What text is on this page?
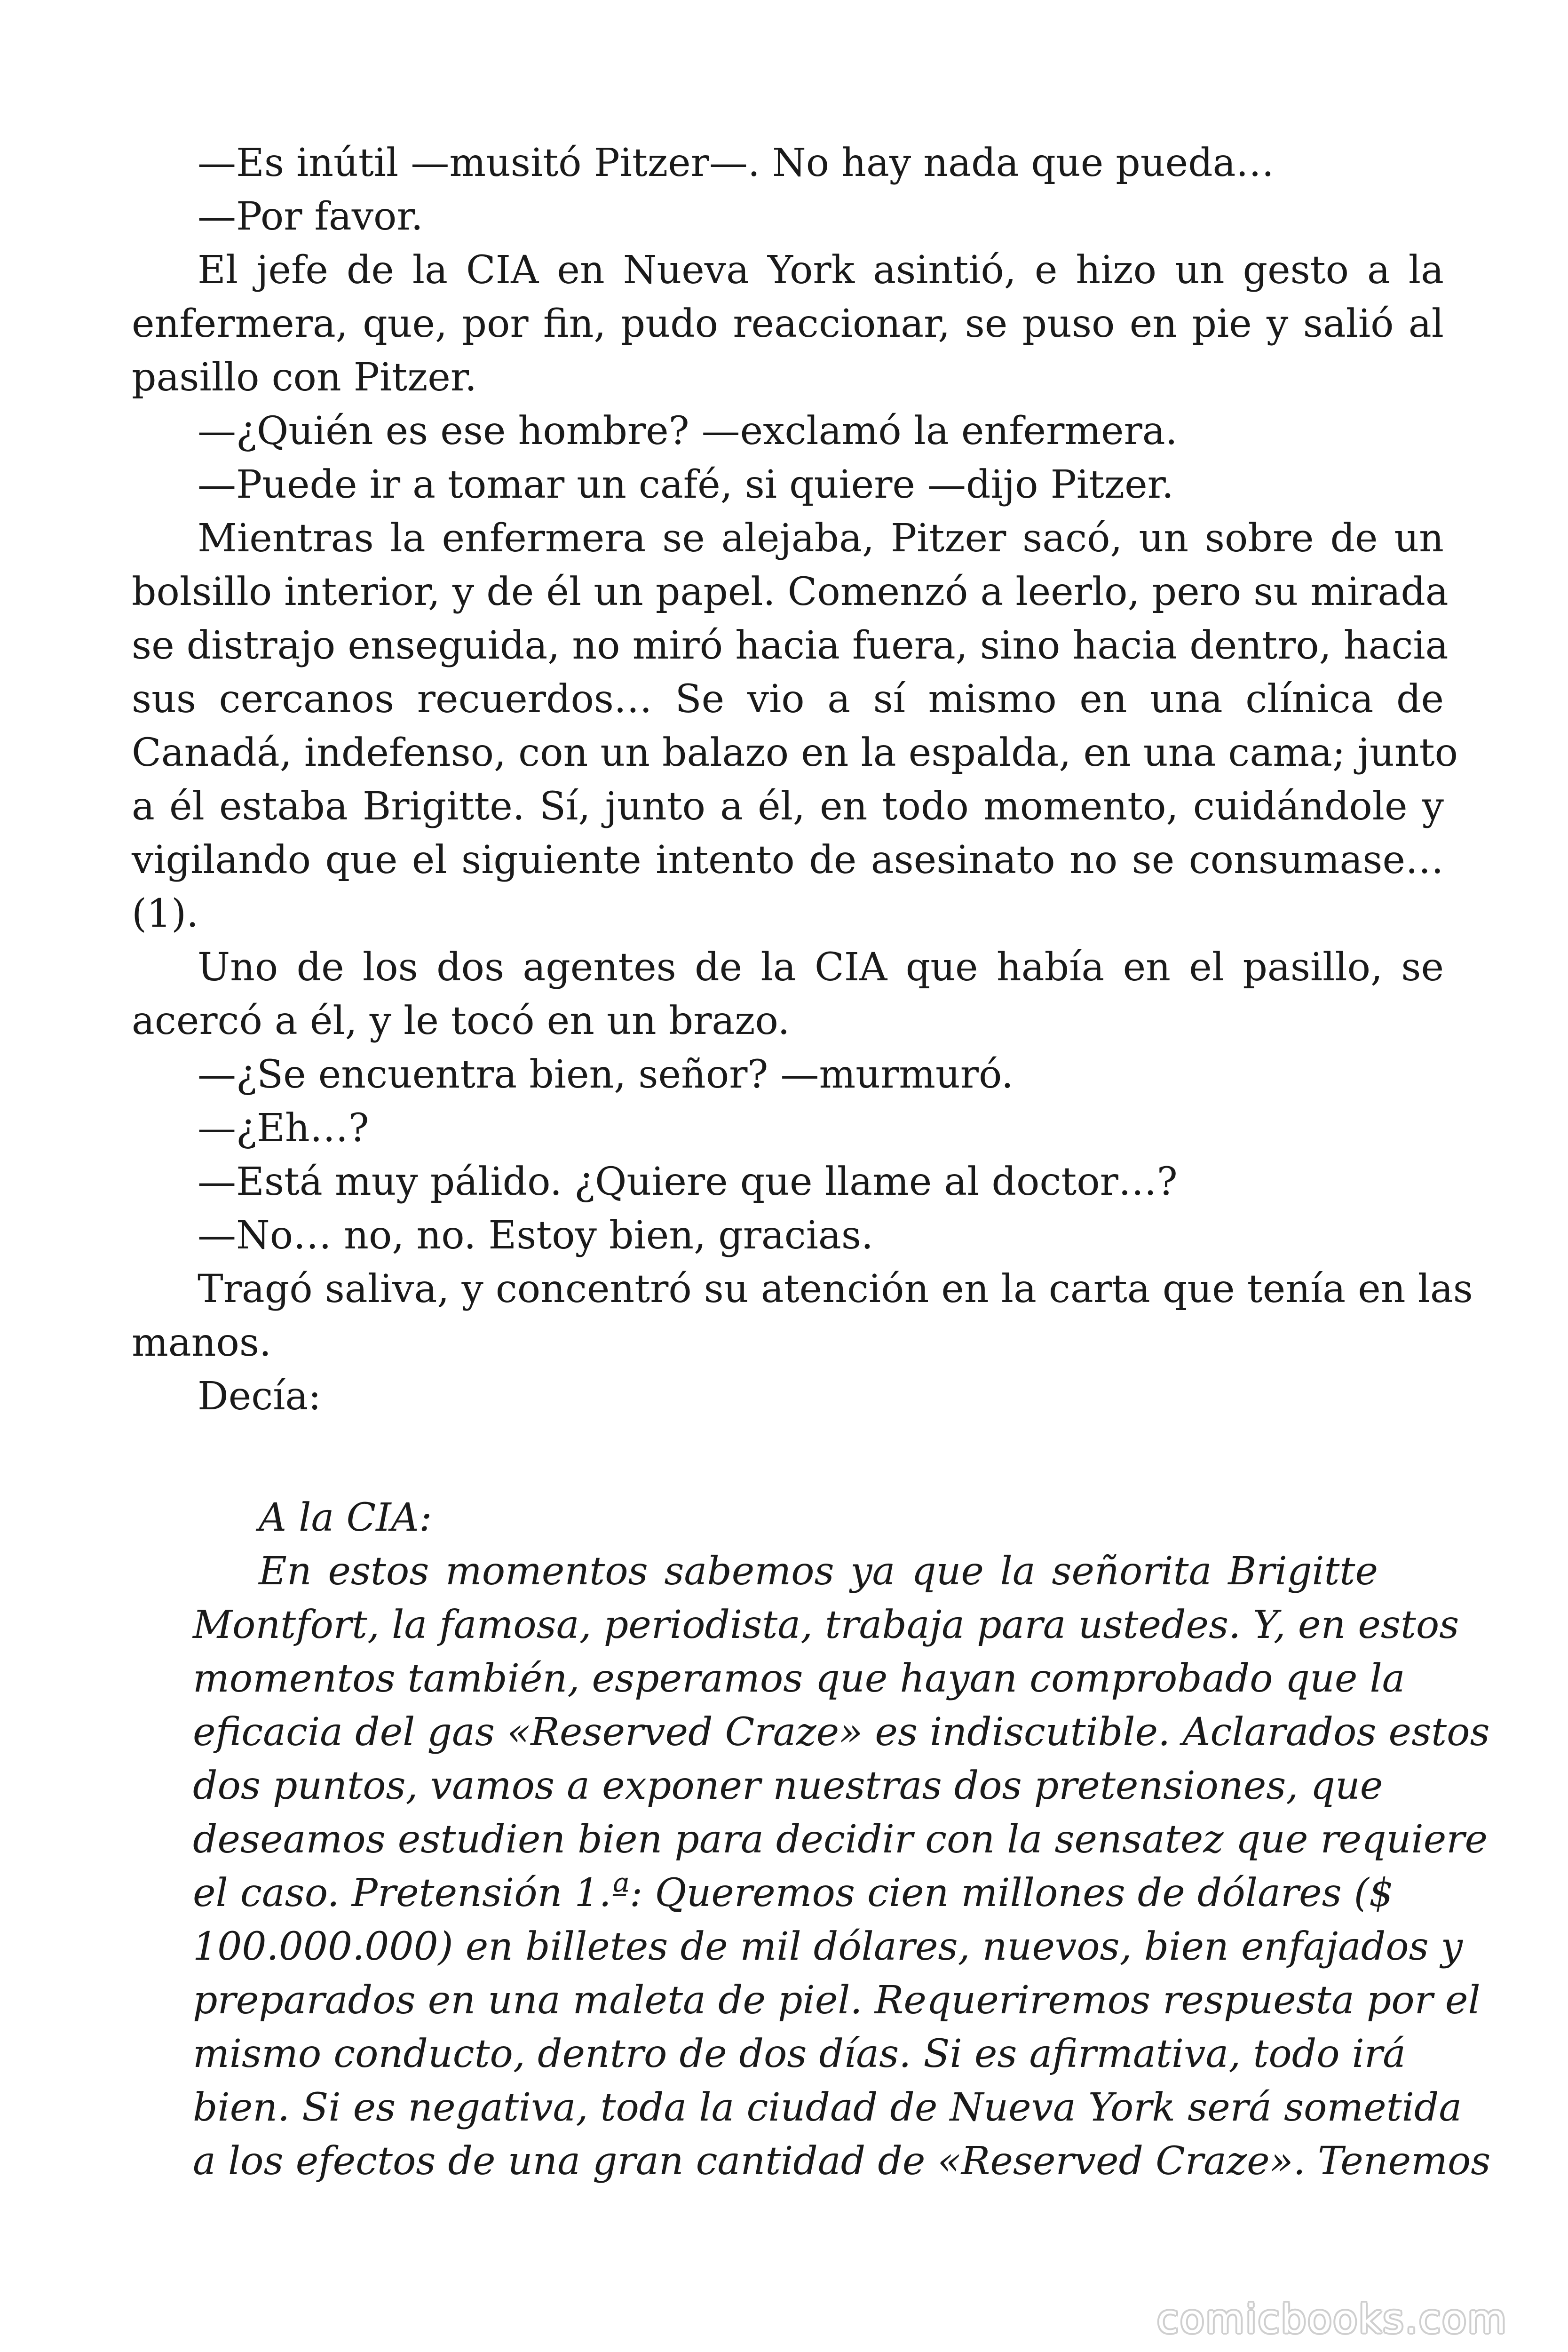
—Es inútil —musitó Pitzer—. No hay nada que pueda…
—Por favor.
El jefe de la CIA en Nueva York asintió, e hizo un gesto a la
enfermera, que, por fin, pudo reaccionar, se puso en pie y salió al
pasillo con Pitzer.
—¿Quién es ese hombre? —exclamó la enfermera.
—Puede ir a tomar un café, si quiere —dijo Pitzer.
Mientras la enfermera se alejaba, Pitzer sacó, un sobre de un
bolsillo interior, y de él un papel. Comenzó a leerlo, pero su mirada
se distrajo enseguida, no miró hacia fuera, sino hacia dentro, hacia
sus cercanos recuerdos… Se vio a sí mismo en una clínica de
Canadá, indefenso, con un balazo en la espalda, en una cama; junto
a él estaba Brigitte. Sí, junto a él, en todo momento, cuidándole y
vigilando que el siguiente intento de asesinato no se consumase…
(1).
Uno de los dos agentes de la CIA que había en el pasillo, se
acercó a él, y le tocó en un brazo.
—¿Se encuentra bien, señor? —murmuró.
—¿Eh…?
—Está muy pálido. ¿Quiere que llame al doctor…?
—No… no, no. Estoy bien, gracias.
Tragó saliva, y concentró su atención en la carta que tenía en las
manos.
Decía:
A la CIA:
En estos momentos sabemos ya que la señorita Brigitte
Montfort, la famosa, periodista, trabaja para ustedes. Y, en estos
momentos también, esperamos que hayan comprobado que la
eficacia del gas «Reserved Craze» es indiscutible. Aclarados estos
dos puntos, vamos a exponer nuestras dos pretensiones, que
deseamos estudien bien para decidir con la sensatez que requiere
el caso. Pretensión 1.ª: Queremos cien millones de dólares ($
100.000.000) en billetes de mil dólares, nuevos, bien enfajados y
preparados en una maleta de piel. Requeriremos respuesta por el
mismo conducto, dentro de dos días. Si es afirmativa, todo irá
bien. Si es negativa, toda la ciudad de Nueva York será sometida
a los efectos de una gran cantidad de «Reserved Craze». Tenemos
comicbooks.com
